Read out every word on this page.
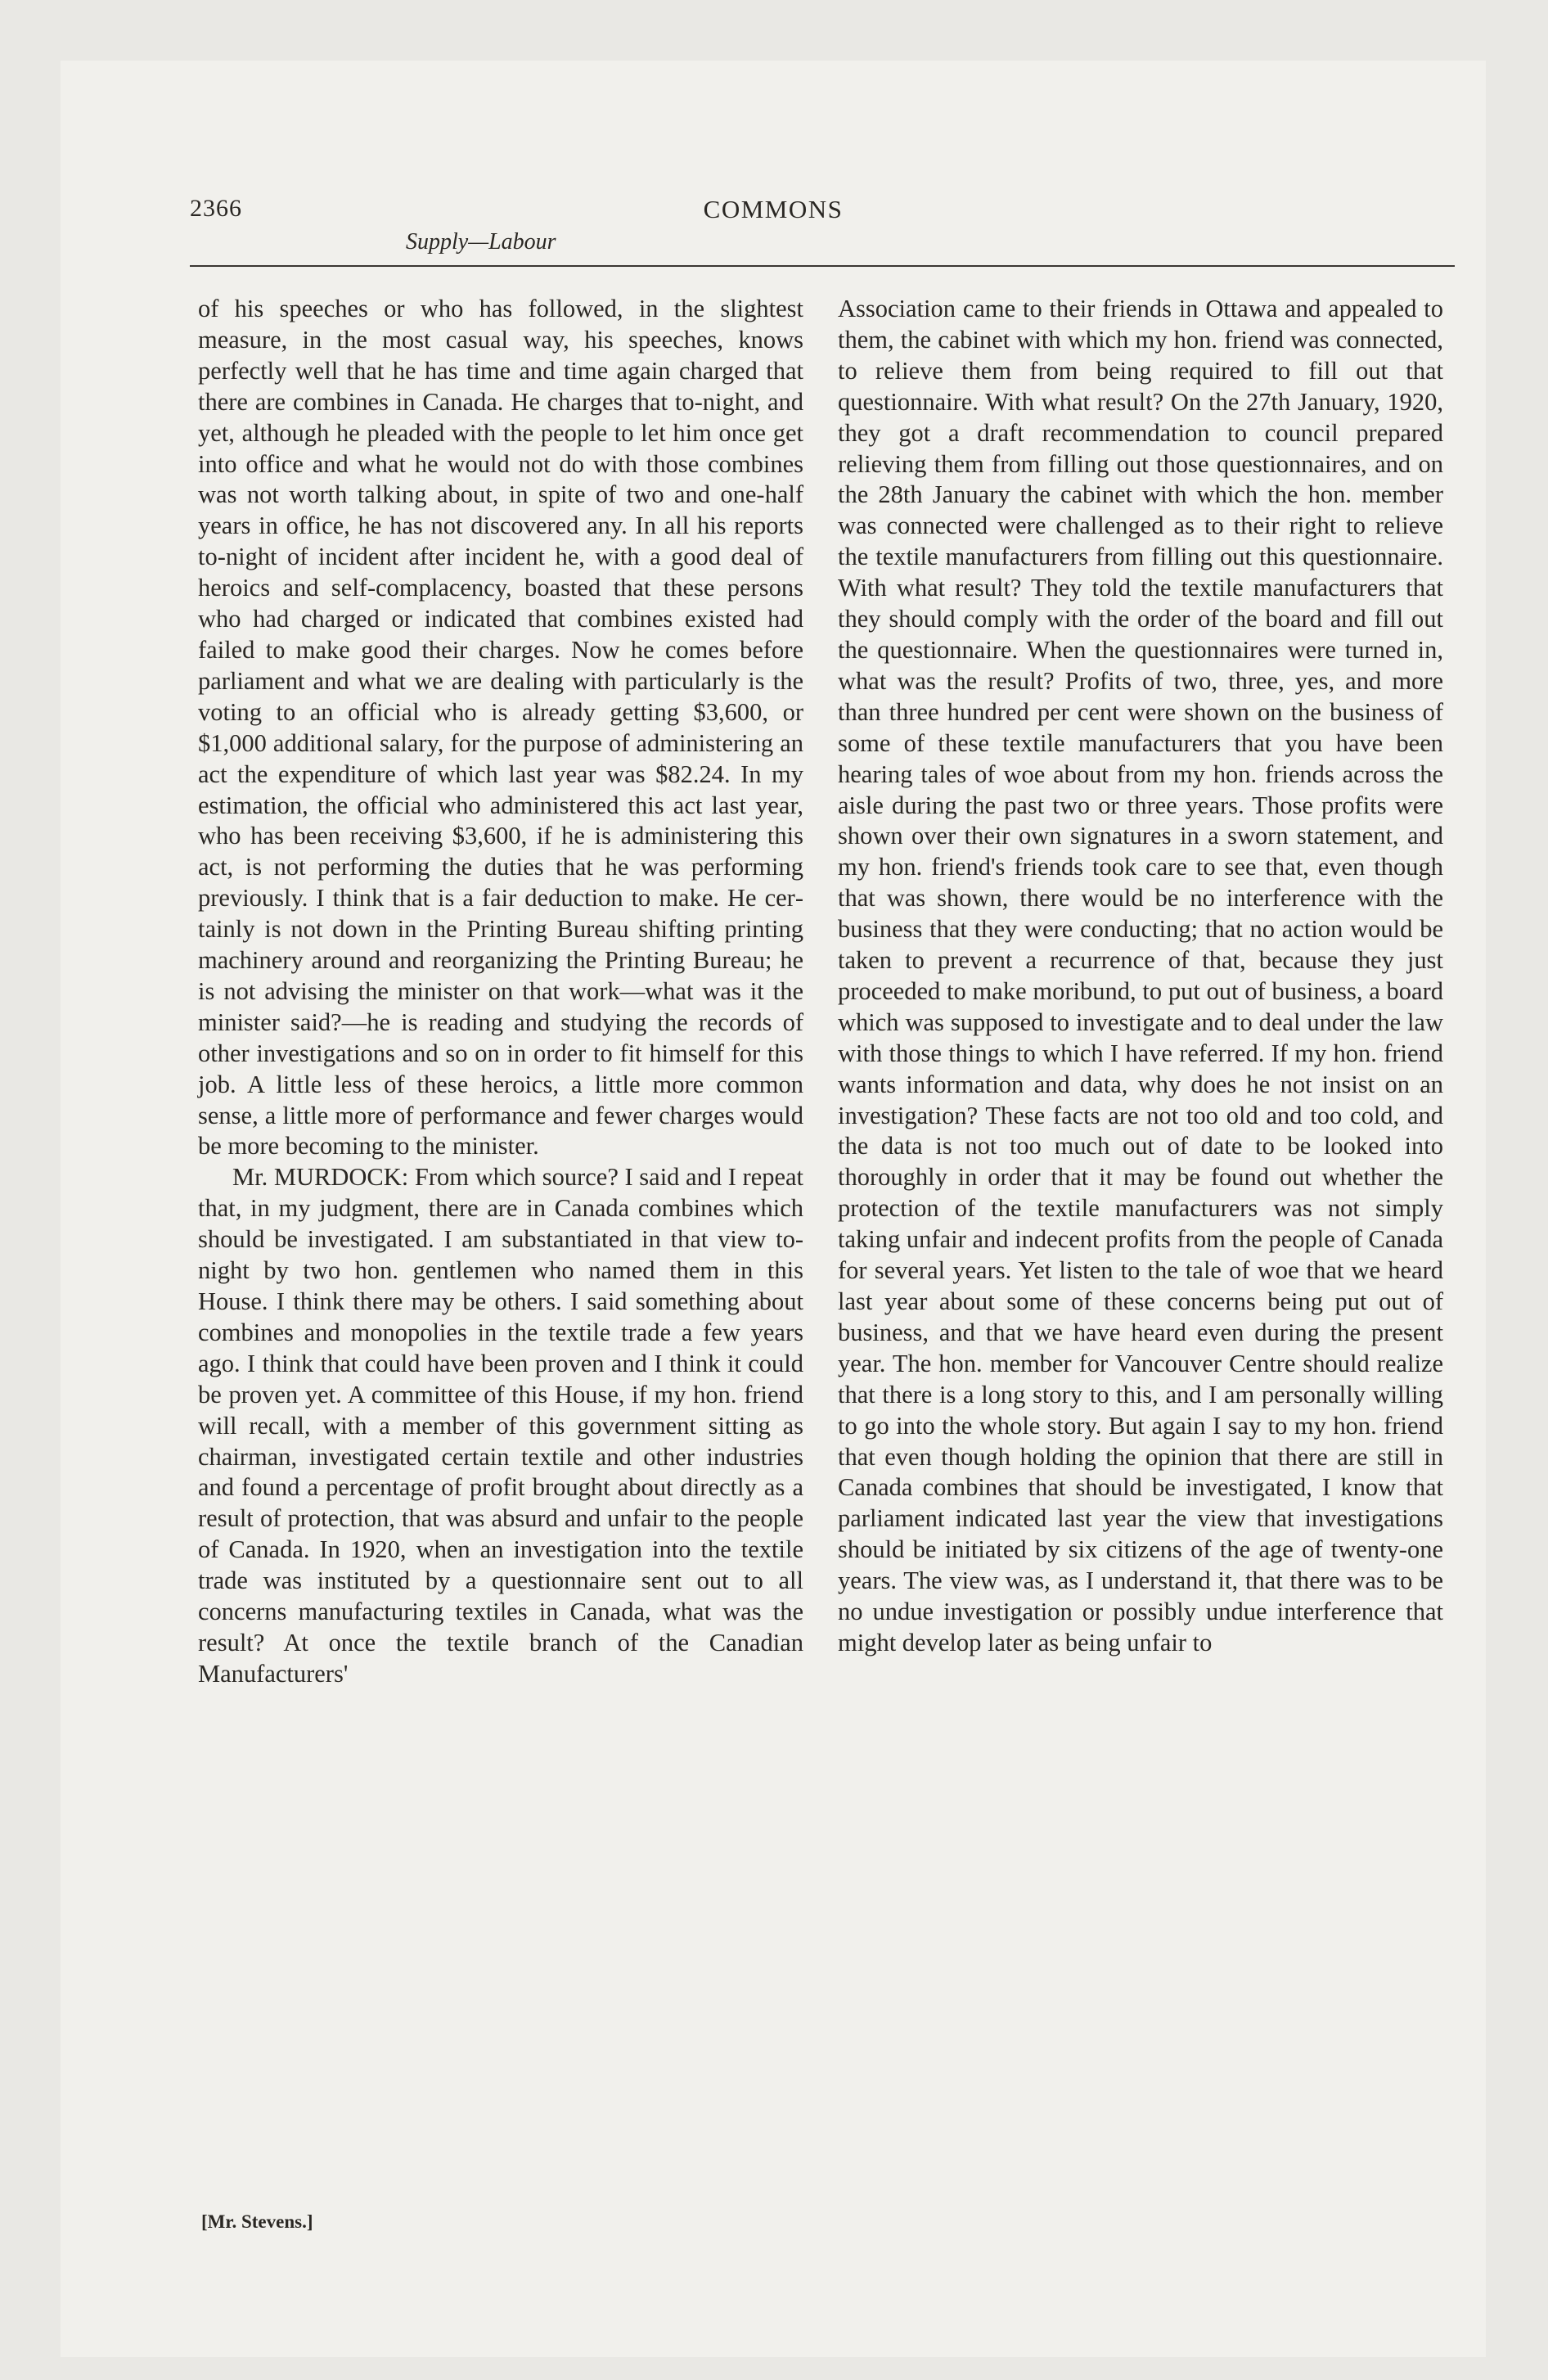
2366	COMMONS
Supply—Labour

of his speeches or who has followed, in the slightest measure, in the most casual way, his speeches, knows perfectly well that he has time and time again charged that there are combines in Canada. He charges that to-night, and yet, although he pleaded with the people to let him once get into office and what he would not do with those combines was not worth talking about, in spite of two and one-half years in office, he has not discovered any. In all his reports to-night of incident after incident he, with a good deal of heroics and self-complacency, boasted that these persons who had charged or indicated that combines existed had failed to make good their charges. Now he comes before parliament and what we are dealing with particularly is the voting to an official who is already getting $3,600, or $1,000 additional salary, for the purpose of administering an act the expenditure of which last year was $82.24. In my estimation, the official who administered this act last year, who has been receiving $3,600, if he is administering this act, is not performing the duties that he was performing previously. I think that is a fair deduction to make. He certainly is not down in the Printing Bureau shifting printing machinery around and reorganizing the Printing Bureau; he is not advising the minister on that work—what was it the minister said?—he is reading and studying the records of other investigations and so on in order to fit himself for this job. A little less of these heroics, a little more common sense, a little more of performance and fewer charges would be more becoming to the minister.

Mr. MURDOCK: From which source? I said and I repeat that, in my judgment, there are in Canada combines which should be investigated. I am substantiated in that view to-night by two hon. gentlemen who named them in this House. I think there may be others. I said something about combines and monopolies in the textile trade a few years ago. I think that could have been proven and I think it could be proven yet. A committee of this House, if my hon. friend will recall, with a member of this government sitting as chairman, investigated certain textile and other industries and found a percentage of profit brought about directly as a result of protection, that was absurd and unfair to the people of Canada. In 1920, when an investigation into the textile trade was instituted by a questionnaire sent out to all concerns manufacturing textiles in Canada, what was the result? At once the textile branch of the Canadian Manufacturers'

Association came to their friends in Ottawa and appealed to them, the cabinet with which my hon. friend was connected, to relieve them from being required to fill out that questionnaire. With what result? On the 27th January, 1920, they got a draft recommendation to council prepared relieving them from filling out those questionnaires, and on the 28th January the cabinet with which the hon. member was connected were challenged as to their right to relieve the textile manufacturers from filling out this questionnaire. With what result? They told the textile manufacturers that they should comply with the order of the board and fill out the questionnaire. When the questionnaires were turned in, what was the result? Profits of two, three, yes, and more than three hundred per cent were shown on the business of some of these textile manufacturers that you have been hearing tales of woe about from my hon. friends across the aisle during the past two or three years. Those profits were shown over their own signatures in a sworn statement, and my hon. friend's friends took care to see that, even though that was shown, there would be no interference with the business that they were conducting; that no action would be taken to prevent a recurrence of that, because they just proceeded to make moribund, to put out of business, a board which was supposed to investigate and to deal under the law with those things to which I have referred. If my hon. friend wants information and data, why does he not insist on an investigation? These facts are not too old and too cold, and the data is not too much out of date to be looked into thoroughly in order that it may be found out whether the protection of the textile manufacturers was not simply taking unfair and indecent profits from the people of Canada for several years. Yet listen to the tale of woe that we heard last year about some of these concerns being put out of business, and that we have heard even during the present year. The hon. member for Vancouver Centre should realize that there is a long story to this, and I am personally willing to go into the whole story. But again I say to my hon. friend that even though holding the opinion that there are still in Canada combines that should be investigated, I know that parliament indicated last year the view that investigations should be initiated by six citizens of the age of twenty-one years. The view was, as I understand it, that there was to be no undue investigation or possibly undue interference that might develop later as being unfair to

[Mr. Stevens.]
